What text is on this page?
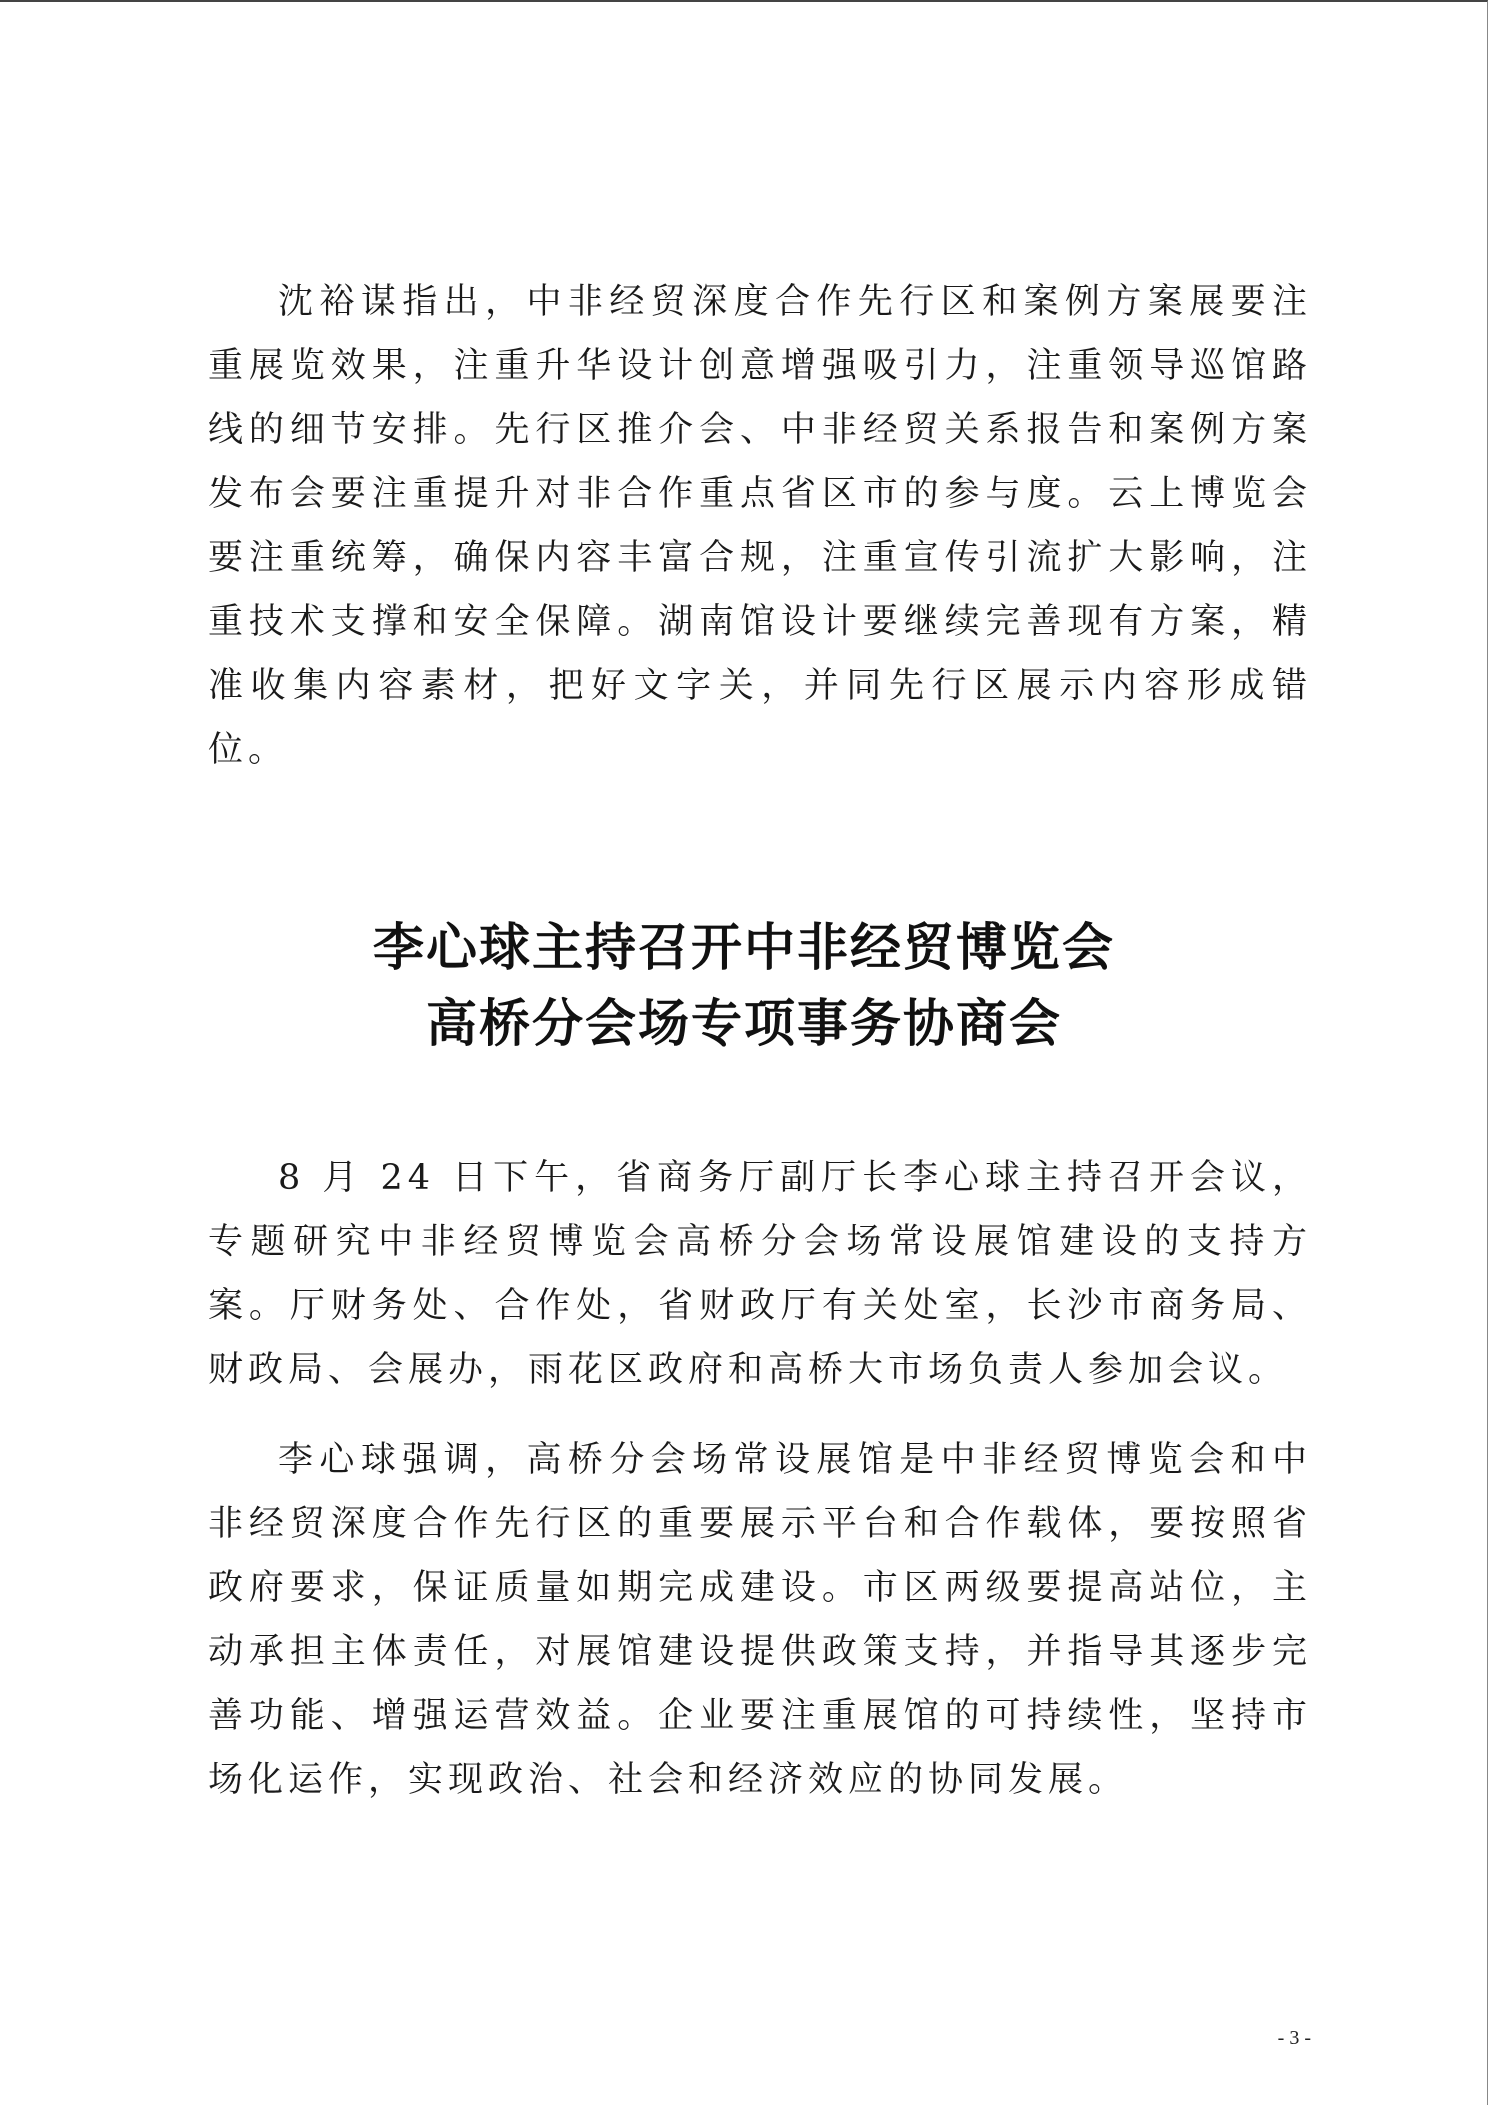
沈裕谋指出，中非经贸深度合作先行区和案例方案展要注重展览效果，注重升华设计创意增强吸引力，注重领导巡馆路线的细节安排。先行区推介会、中非经贸关系报告和案例方案发布会要注重提升对非合作重点省区市的参与度。云上博览会要注重统筹，确保内容丰富合规，注重宣传引流扩大影响，注重技术支撑和安全保障。湖南馆设计要继续完善现有方案，精准收集内容素材，把好文字关，并同先行区展示内容形成错位。

李心球主持召开中非经贸博览会
高桥分会场专项事务协商会

8 月 24 日下午，省商务厅副厅长李心球主持召开会议，专题研究中非经贸博览会高桥分会场常设展馆建设的支持方案。厅财务处、合作处，省财政厅有关处室，长沙市商务局、财政局、会展办，雨花区政府和高桥大市场负责人参加会议。

李心球强调，高桥分会场常设展馆是中非经贸博览会和中非经贸深度合作先行区的重要展示平台和合作载体，要按照省政府要求，保证质量如期完成建设。市区两级要提高站位，主动承担主体责任，对展馆建设提供政策支持，并指导其逐步完善功能、增强运营效益。企业要注重展馆的可持续性，坚持市场化运作，实现政治、社会和经济效应的协同发展。

- 3 -
